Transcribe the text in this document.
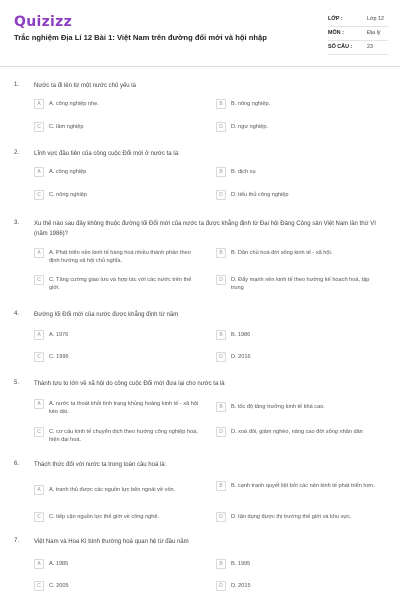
Quizizz
Trắc nghiệm Địa Lí 12 Bài 1: Việt Nam trên đường đổi mới và hội nhập
LỚP :	Lớp 12
MÔN :	Địa lý
SỐ CÂU :	23
1. Nước ta đi lên từ một nước chủ yếu là
A	A. công nghiệp nhẹ.	B	B. nông nghiệp.
C	C. lâm nghiệp	D	D. ngư nghiệp.
2. Lĩnh vực đầu tiên của công cuộc Đổi mới ở nước ta là:
A	A. công nghiệp	B	B. dịch vụ
C	C. nông nghiệp	D	D. tiểu thủ công nghiệp
3. Xu thế nào sau đây không thuộc đường lối Đổi mới của nước ta được khẳng định từ Đại hội Đảng Cộng sản Việt Nam lần thứ VI (năm 1986)?
A	A. Phát triển nền kinh tế hàng hoá nhiều thành phần theo định hướng xã hội chủ nghĩa.
B	B. Dân chủ hoá đời sống kinh tế - xã hội.
C	C. Tăng cường giao lưu và hợp tác với các nước trên thế giới.
D	D. Đẩy mạnh nền kinh tế theo hướng kế hoạch hoá, tập trung
4. Đường lối Đổi mới của nước được khẳng định từ năm
A	A. 1976	B	B. 1986
C	C. 1996	D	D. 2016
5. Thành tựu to lớn về xã hội do công cuộc Đổi mới đưa lại cho nước ta là
A	A. nước ta thoát khỏi tình trạng khủng hoảng kinh tế - xã hội kéo dài.
B	B. tốc độ tăng trưởng kinh tế khá cao.
C	C. cơ cấu kinh tế chuyển dịch theo hướng công nghiệp hoá, hiện đại hoá.
D	D. xoá đói, giảm nghèo, nâng cao đời sống nhân dân
6. Thách thức đối với nước ta trong toàn cầu hoá là:
A	A. tranh thủ được các nguồn lực bên ngoài về vốn.
B	B. cạnh tranh quyết liệt bởi các nền kinh tế phát triển hơn.
C	C. tiếp cận nguồn lực thế giới về công nghệ.	D	D. tận dụng được thị trường thế giới và khu vực.
7. Việt Nam và Hoa Kì bình thường hoá quan hệ từ đầu năm
A	A. 1985	B	B. 1995
C	C. 2005	D	D. 2015
